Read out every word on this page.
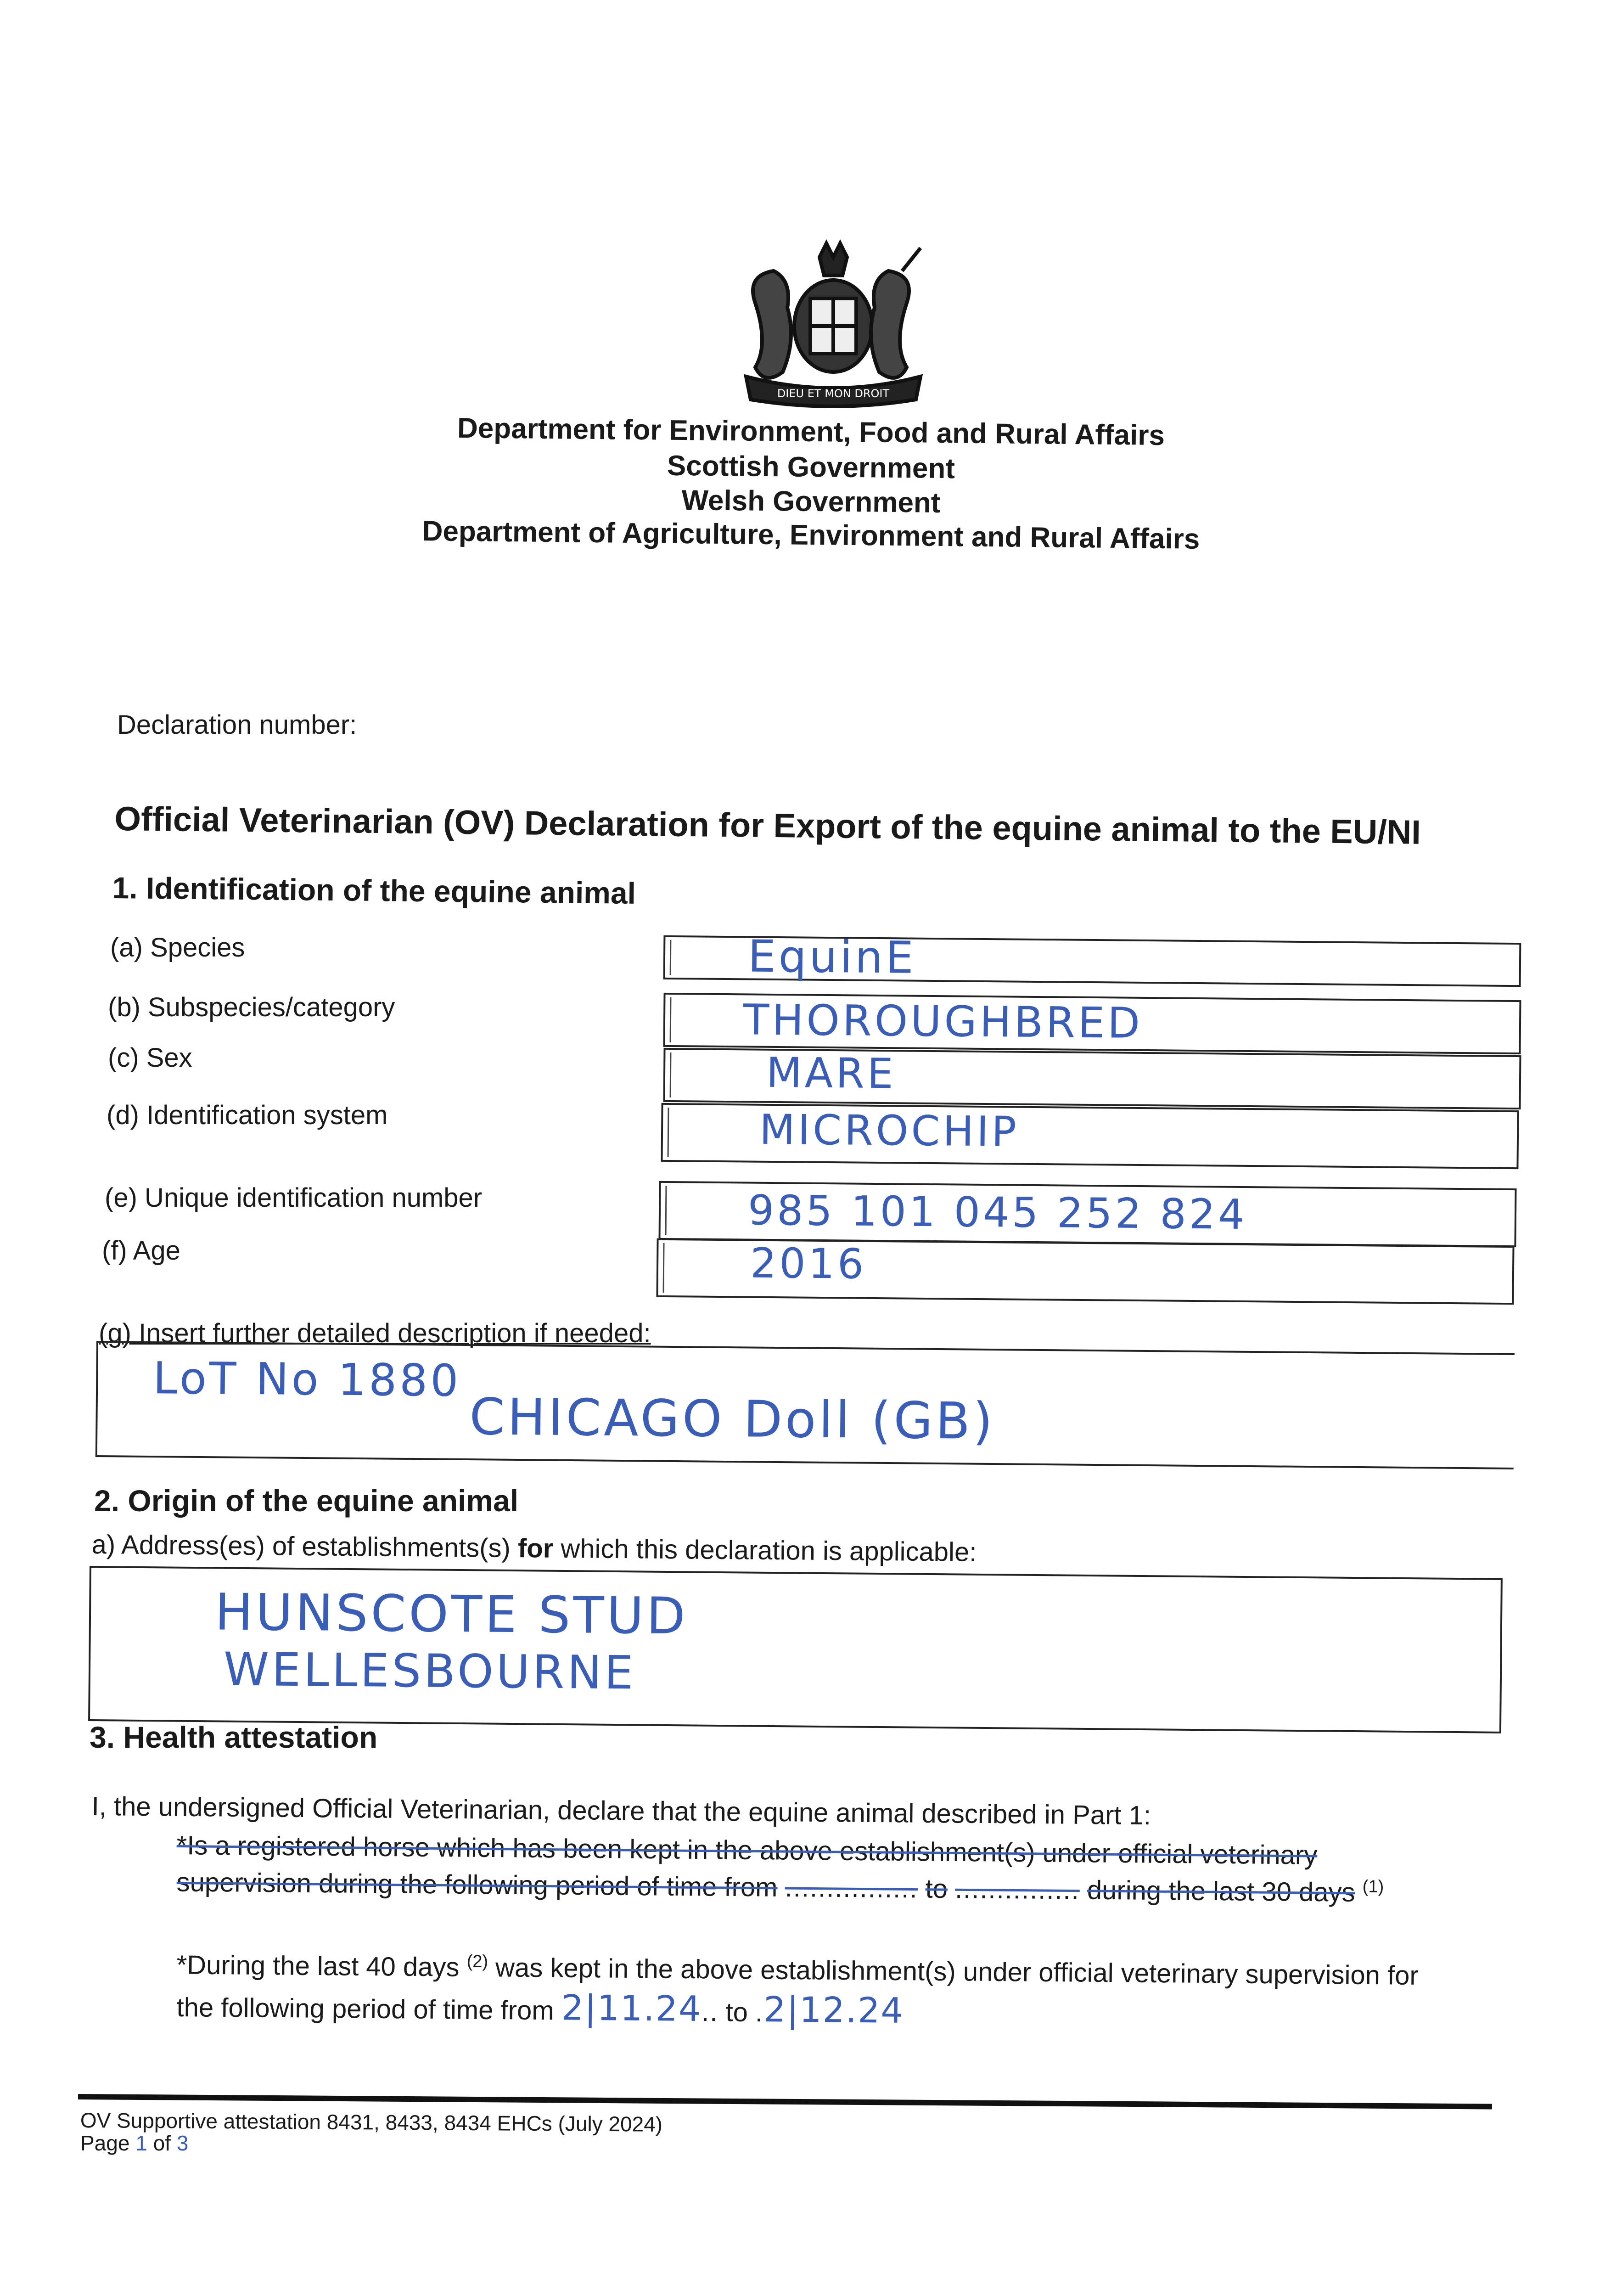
DIEU ET MON DROIT
Department for Environment, Food and Rural Affairs
Scottish Government
Welsh Government
Department of Agriculture, Environment and Rural Affairs
Declaration number:
Official Veterinarian (OV) Declaration for Export of the equine animal to the EU/NI
1. Identification of the equine animal
(a) Species	EquinE
(b) Subspecies/category	THOROUGHBRED
(c) Sex	MARE
(d) Identification system	MICROCHIP
(e) Unique identification number	985 101 045 252 824
(f) Age	2016
(g) Insert further detailed description if needed:
LoT No 1880
CHICAGO Doll (GB)
2. Origin of the equine animal
a) Address(es) of establishments(s) for which this declaration is applicable:
HUNSCOTE STUD
WELLESBOURNE
3. Health attestation
I, the undersigned Official Veterinarian, declare that the equine animal described in Part 1:
*Is a registered horse which has been kept in the above establishment(s) under official veterinary
supervision during the following period of time from ................ to ............... during the last 30 days $^{(1)}$
*During the last 40 days $^{(2)}$ was kept in the above establishment(s) under official veterinary supervision for
the following period of time from 2|11.24.. to .2|12.24
OV Supportive attestation 8431, 8433, 8434 EHCs (July 2024)
Page 1 of 3
